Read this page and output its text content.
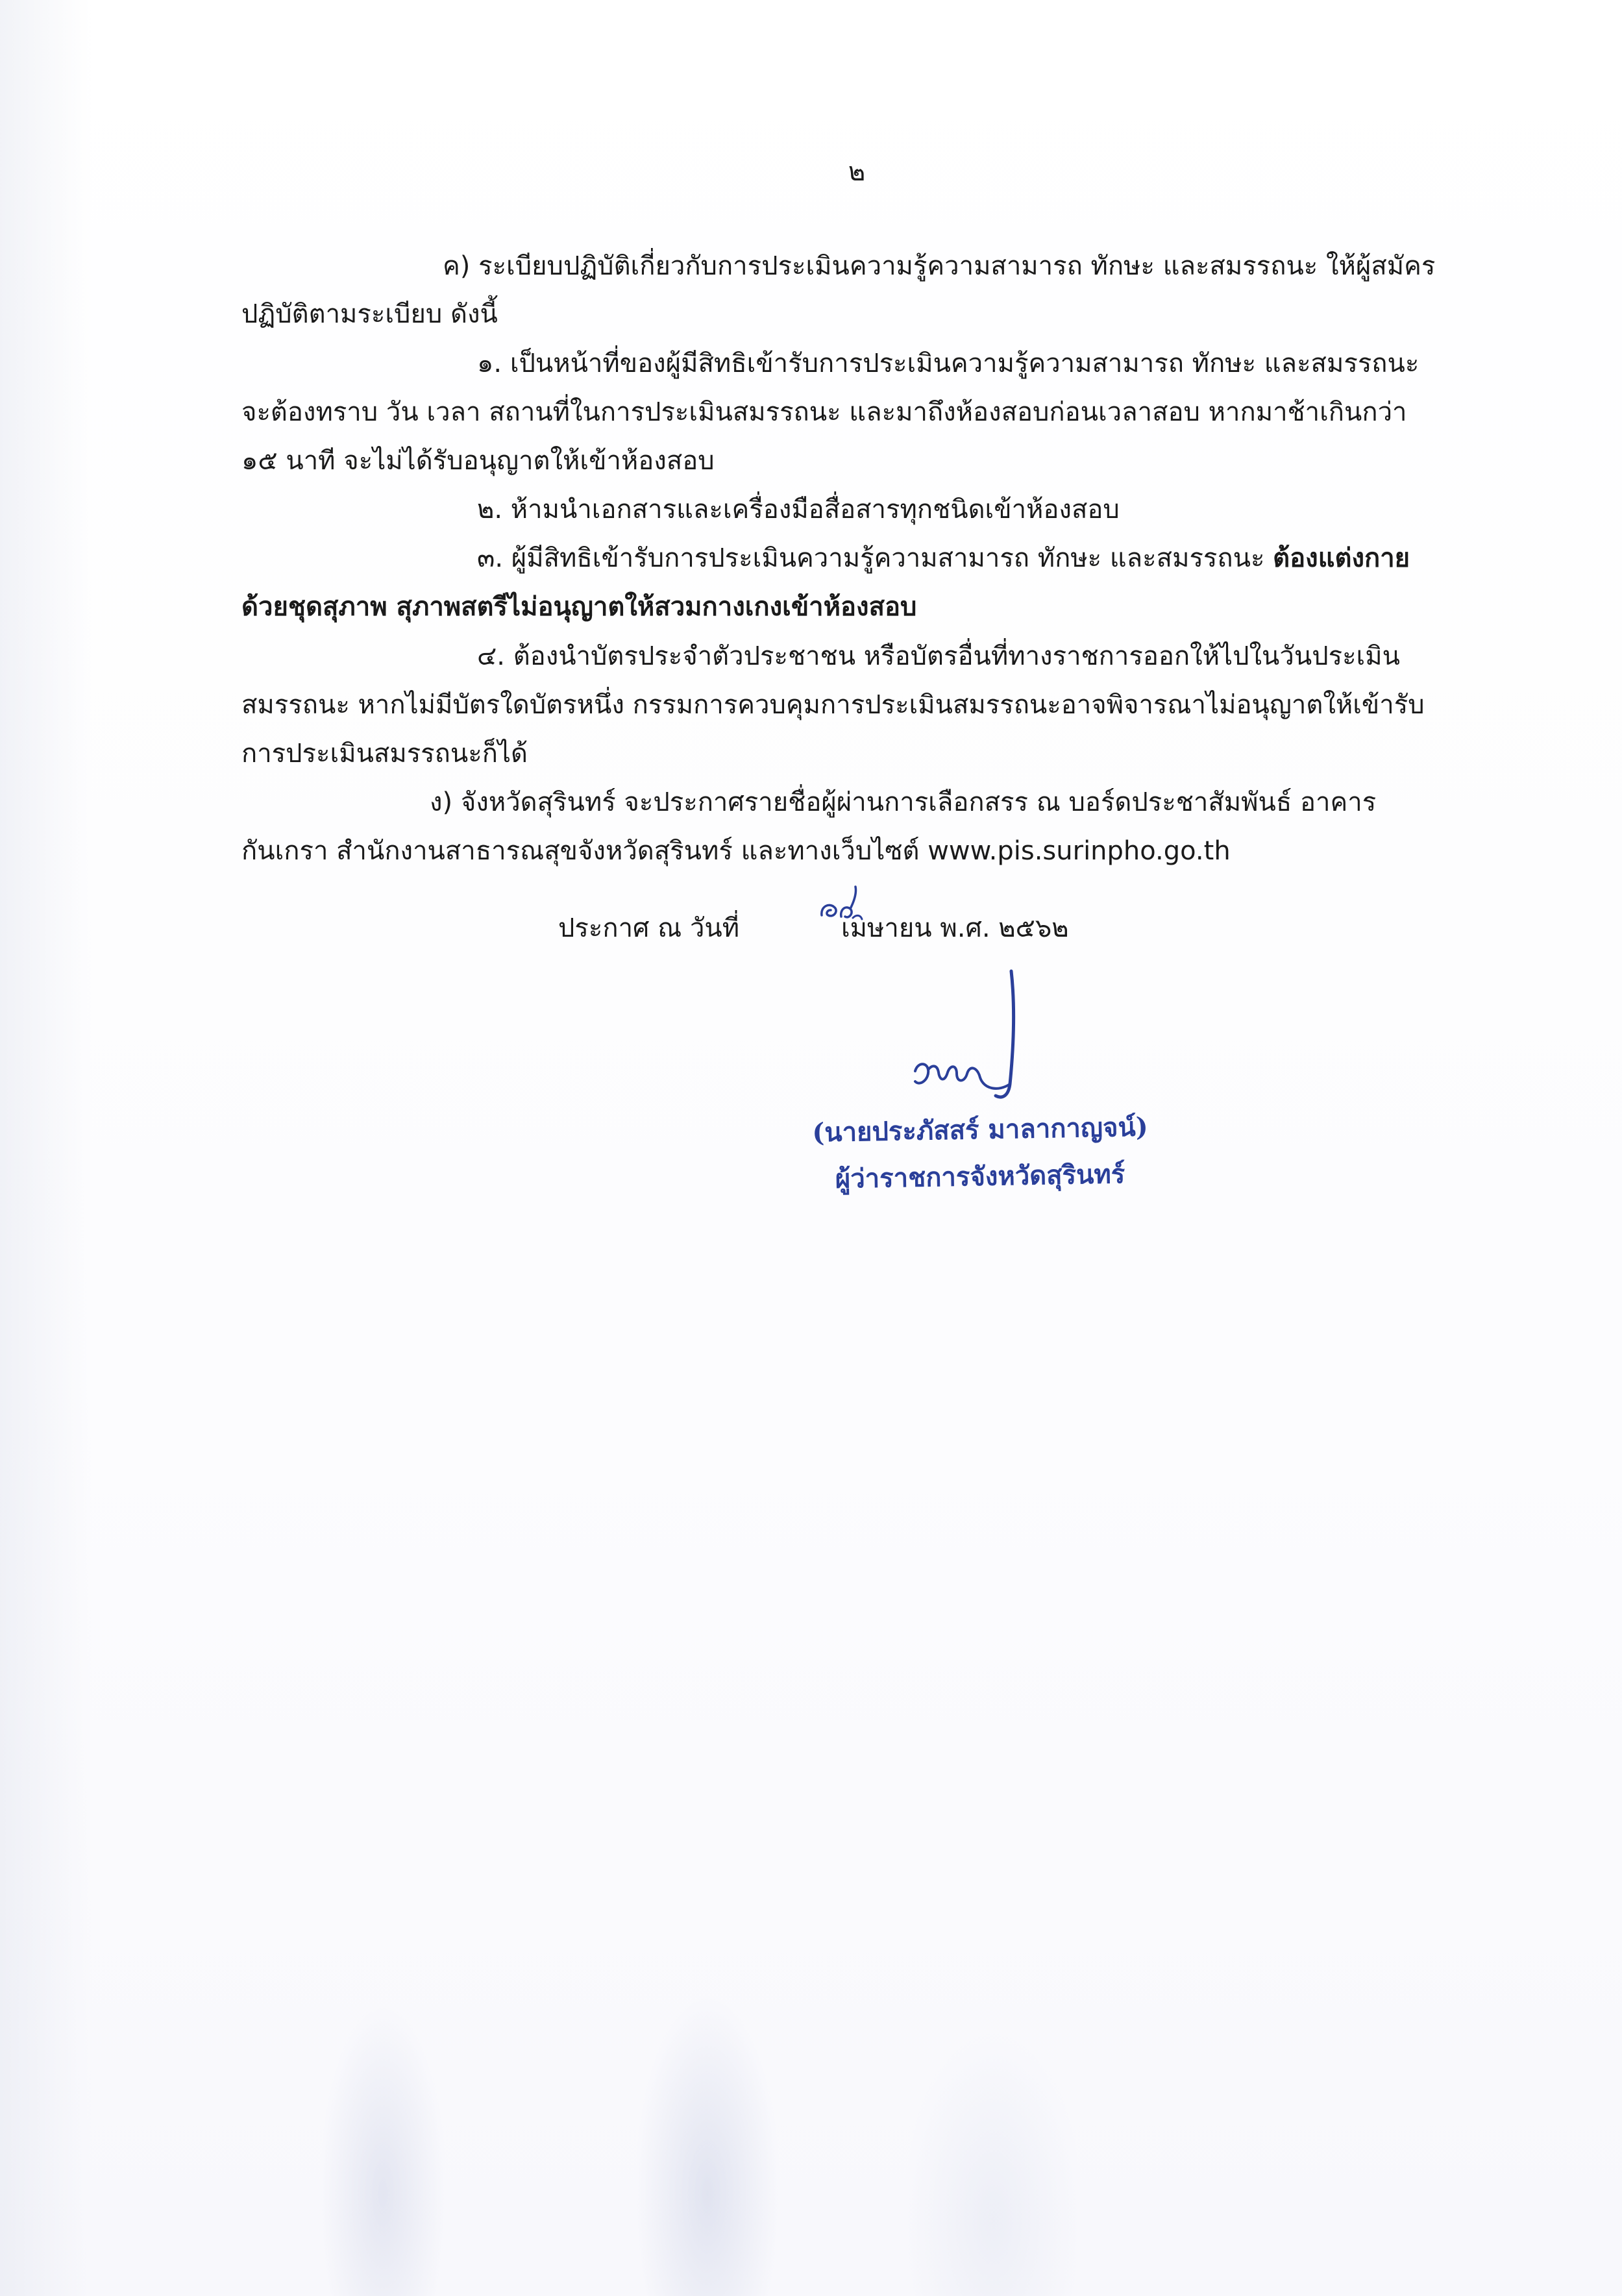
๒
ค) ระเบียบปฏิบัติเกี่ยวกับการประเมินความรู้ความสามารถ ทักษะ และสมรรถนะ ให้ผู้สมัคร
ปฏิบัติตามระเบียบ ดังนี้
๑. เป็นหน้าที่ของผู้มีสิทธิเข้ารับการประเมินความรู้ความสามารถ ทักษะ และสมรรถนะ
จะต้องทราบ วัน เวลา สถานที่ในการประเมินสมรรถนะ และมาถึงห้องสอบก่อนเวลาสอบ หากมาช้าเกินกว่า
๑๕ นาที จะไม่ได้รับอนุญาตให้เข้าห้องสอบ
๒. ห้ามนำเอกสารและเครื่องมือสื่อสารทุกชนิดเข้าห้องสอบ
๓. ผู้มีสิทธิเข้ารับการประเมินความรู้ความสามารถ ทักษะ และสมรรถนะ ต้องแต่งกาย
ด้วยชุดสุภาพ สุภาพสตรีไม่อนุญาตให้สวมกางเกงเข้าห้องสอบ
๔. ต้องนำบัตรประจำตัวประชาชน หรือบัตรอื่นที่ทางราชการออกให้ไปในวันประเมิน
สมรรถนะ หากไม่มีบัตรใดบัตรหนึ่ง กรรมการควบคุมการประเมินสมรรถนะอาจพิจารณาไม่อนุญาตให้เข้ารับ
การประเมินสมรรถนะก็ได้
ง) จังหวัดสุรินทร์ จะประกาศรายชื่อผู้ผ่านการเลือกสรร ณ บอร์ดประชาสัมพันธ์ อาคาร
กันเกรา สำนักงานสาธารณสุขจังหวัดสุรินทร์ และทางเว็บไซต์ www.pis.surinpho.go.th
ประกาศ ณ วันที่	เมษายน พ.ศ. ๒๕๖๒
(นายประภัสสร์ มาลากาญจน์)
ผู้ว่าราชการจังหวัดสุรินทร์
